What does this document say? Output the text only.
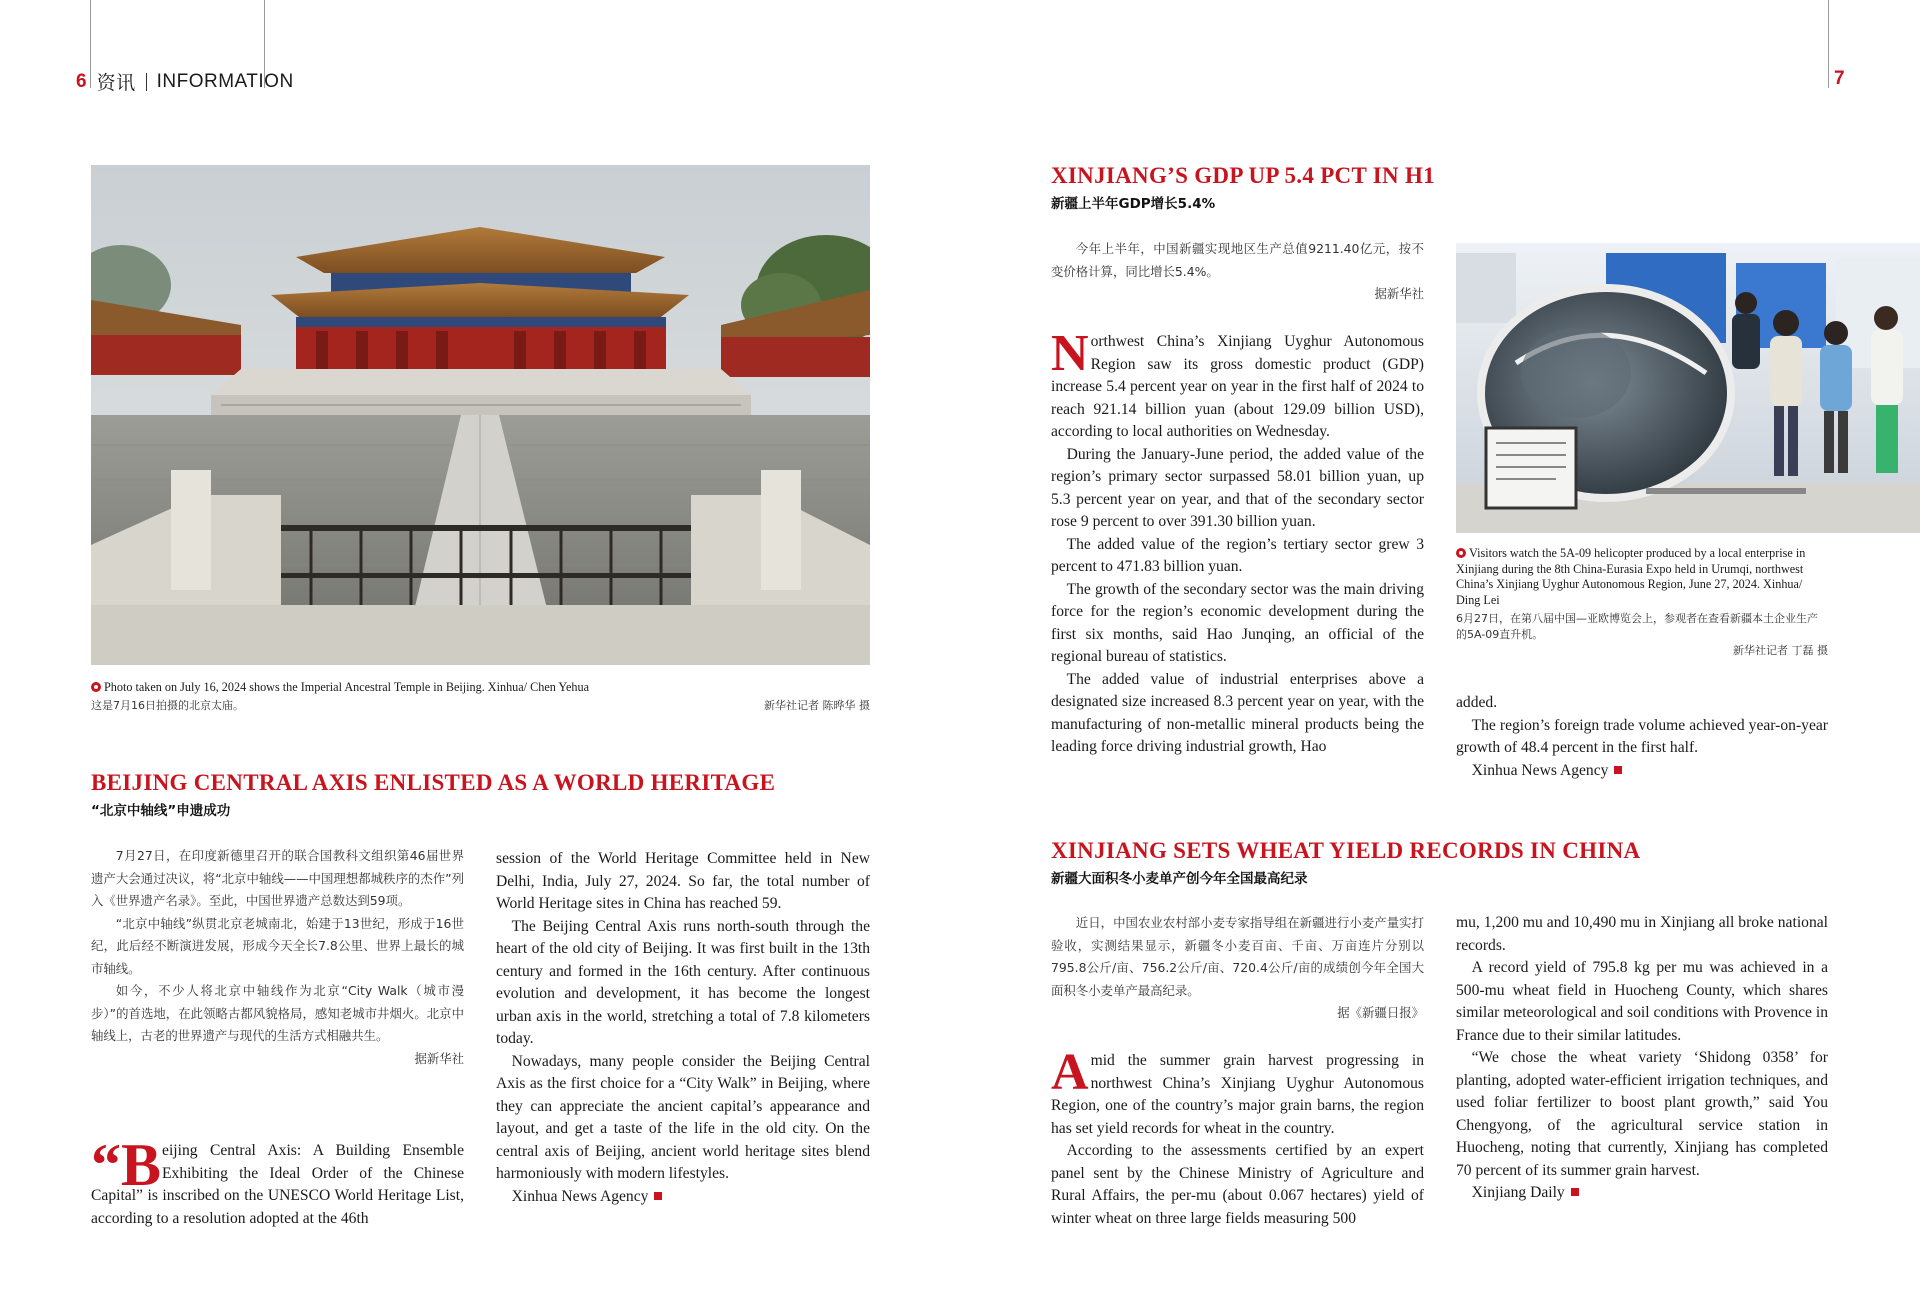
6 资讯 INFORMATION	7
Photo taken on July 16, 2024 shows the Imperial Ancestral Temple in Beijing. Xinhua/ Chen Yehua
这是7月16日拍摄的北京太庙。	新华社记者 陈晔华 摄
BEIJING CENTRAL AXIS ENLISTED AS A WORLD HERITAGE
“北京中轴线”申遗成功

7月27日，在印度新德里召开的联合国教科文组织第46届世界遗产大会通过决议，将“北京中轴线——中国理想都城秩序的杰作”列入《世界遗产名录》。至此，中国世界遗产总数达到59项。

“北京中轴线”纵贯北京老城南北，始建于13世纪，形成于16世纪，此后经不断演进发展，形成今天全长7.8公里、世界上最长的城市轴线。

如今，不少人将北京中轴线作为北京“City Walk（城市漫步）”的首选地，在此领略古都风貌格局，感知老城市井烟火。北京中轴线上，古老的世界遗产与现代的生活方式相融共生。

据新华社

“Beijing Central Axis: A Building Ensemble Exhibiting the Ideal Order of the Chinese Capital” is inscribed on the UNESCO World Heritage List, according to a resolution adopted at the 46th

session of the World Heritage Committee held in New Delhi, India, July 27, 2024. So far, the total number of World Heritage sites in China has reached 59.

The Beijing Central Axis runs north-south through the heart of the old city of Beijing. It was first built in the 13th century and formed in the 16th century. After continuous evolution and development, it has become the longest urban axis in the world, stretching a total of 7.8 kilometers today.

Nowadays, many people consider the Beijing Central Axis as the first choice for a “City Walk” in Beijing, where they can appreciate the ancient capital’s appearance and layout, and get a taste of the life in the old city. On the central axis of Beijing, ancient world heritage sites blend harmoniously with modern lifestyles.

Xinhua News Agency

XINJIANG’S GDP UP 5.4 PCT IN H1
新疆上半年GDP增长5.4%

今年上半年，中国新疆实现地区生产总值9211.40亿元，按不变价格计算，同比增长5.4%。

据新华社

Northwest China’s Xinjiang Uyghur Autonomous Region saw its gross domestic product (GDP) increase 5.4 percent year on year in the first half of 2024 to reach 921.14 billion yuan (about 129.09 billion USD), according to local authorities on Wednesday.

During the January-June period, the added value of the region’s primary sector surpassed 58.01 billion yuan, up 5.3 percent year on year, and that of the secondary sector rose 9 percent to over 391.30 billion yuan.

The added value of the region’s tertiary sector grew 3 percent to 471.83 billion yuan.

The growth of the secondary sector was the main driving force for the region’s economic development during the first six months, said Hao Junqing, an official of the regional bureau of statistics.

The added value of industrial enterprises above a designated size increased 8.3 percent year on year, with the manufacturing of non-metallic mineral products being the leading force driving industrial growth, Hao

Visitors watch the 5A-09 helicopter produced by a local enterprise in Xinjiang during the 8th China-Eurasia Expo held in Urumqi, northwest China’s Xinjiang Uyghur Autonomous Region, June 27, 2024. Xinhua/ Ding Lei
6月27日，在第八届中国—亚欧博览会上，参观者在查看新疆本土企业生产的5A-09直升机。
新华社记者 丁磊 摄

added.

The region’s foreign trade volume achieved year-on-year growth of 48.4 percent in the first half.

Xinhua News Agency

XINJIANG SETS WHEAT YIELD RECORDS IN CHINA
新疆大面积冬小麦单产创今年全国最高纪录

近日，中国农业农村部小麦专家指导组在新疆进行小麦产量实打验收，实测结果显示，新疆冬小麦百亩、千亩、万亩连片分别以795.8公斤/亩、756.2公斤/亩、720.4公斤/亩的成绩创今年全国大面积冬小麦单产最高纪录。

据《新疆日报》

Amid the summer grain harvest progressing in northwest China’s Xinjiang Uyghur Autonomous Region, one of the country’s major grain barns, the region has set yield records for wheat in the country.

According to the assessments certified by an expert panel sent by the Chinese Ministry of Agriculture and Rural Affairs, the per-mu (about 0.067 hectares) yield of winter wheat on three large fields measuring 500

mu, 1,200 mu and 10,490 mu in Xinjiang all broke national records.

A record yield of 795.8 kg per mu was achieved in a 500-mu wheat field in Huocheng County, which shares similar meteorological and soil conditions with Provence in France due to their similar latitudes.

“We chose the wheat variety ‘Shidong 0358’ for planting, adopted water-efficient irrigation techniques, and used foliar fertilizer to boost plant growth,” said You Chengyong, of the agricultural service station in Huocheng, noting that currently, Xinjiang has completed 70 percent of its summer grain harvest.

Xinjiang Daily
